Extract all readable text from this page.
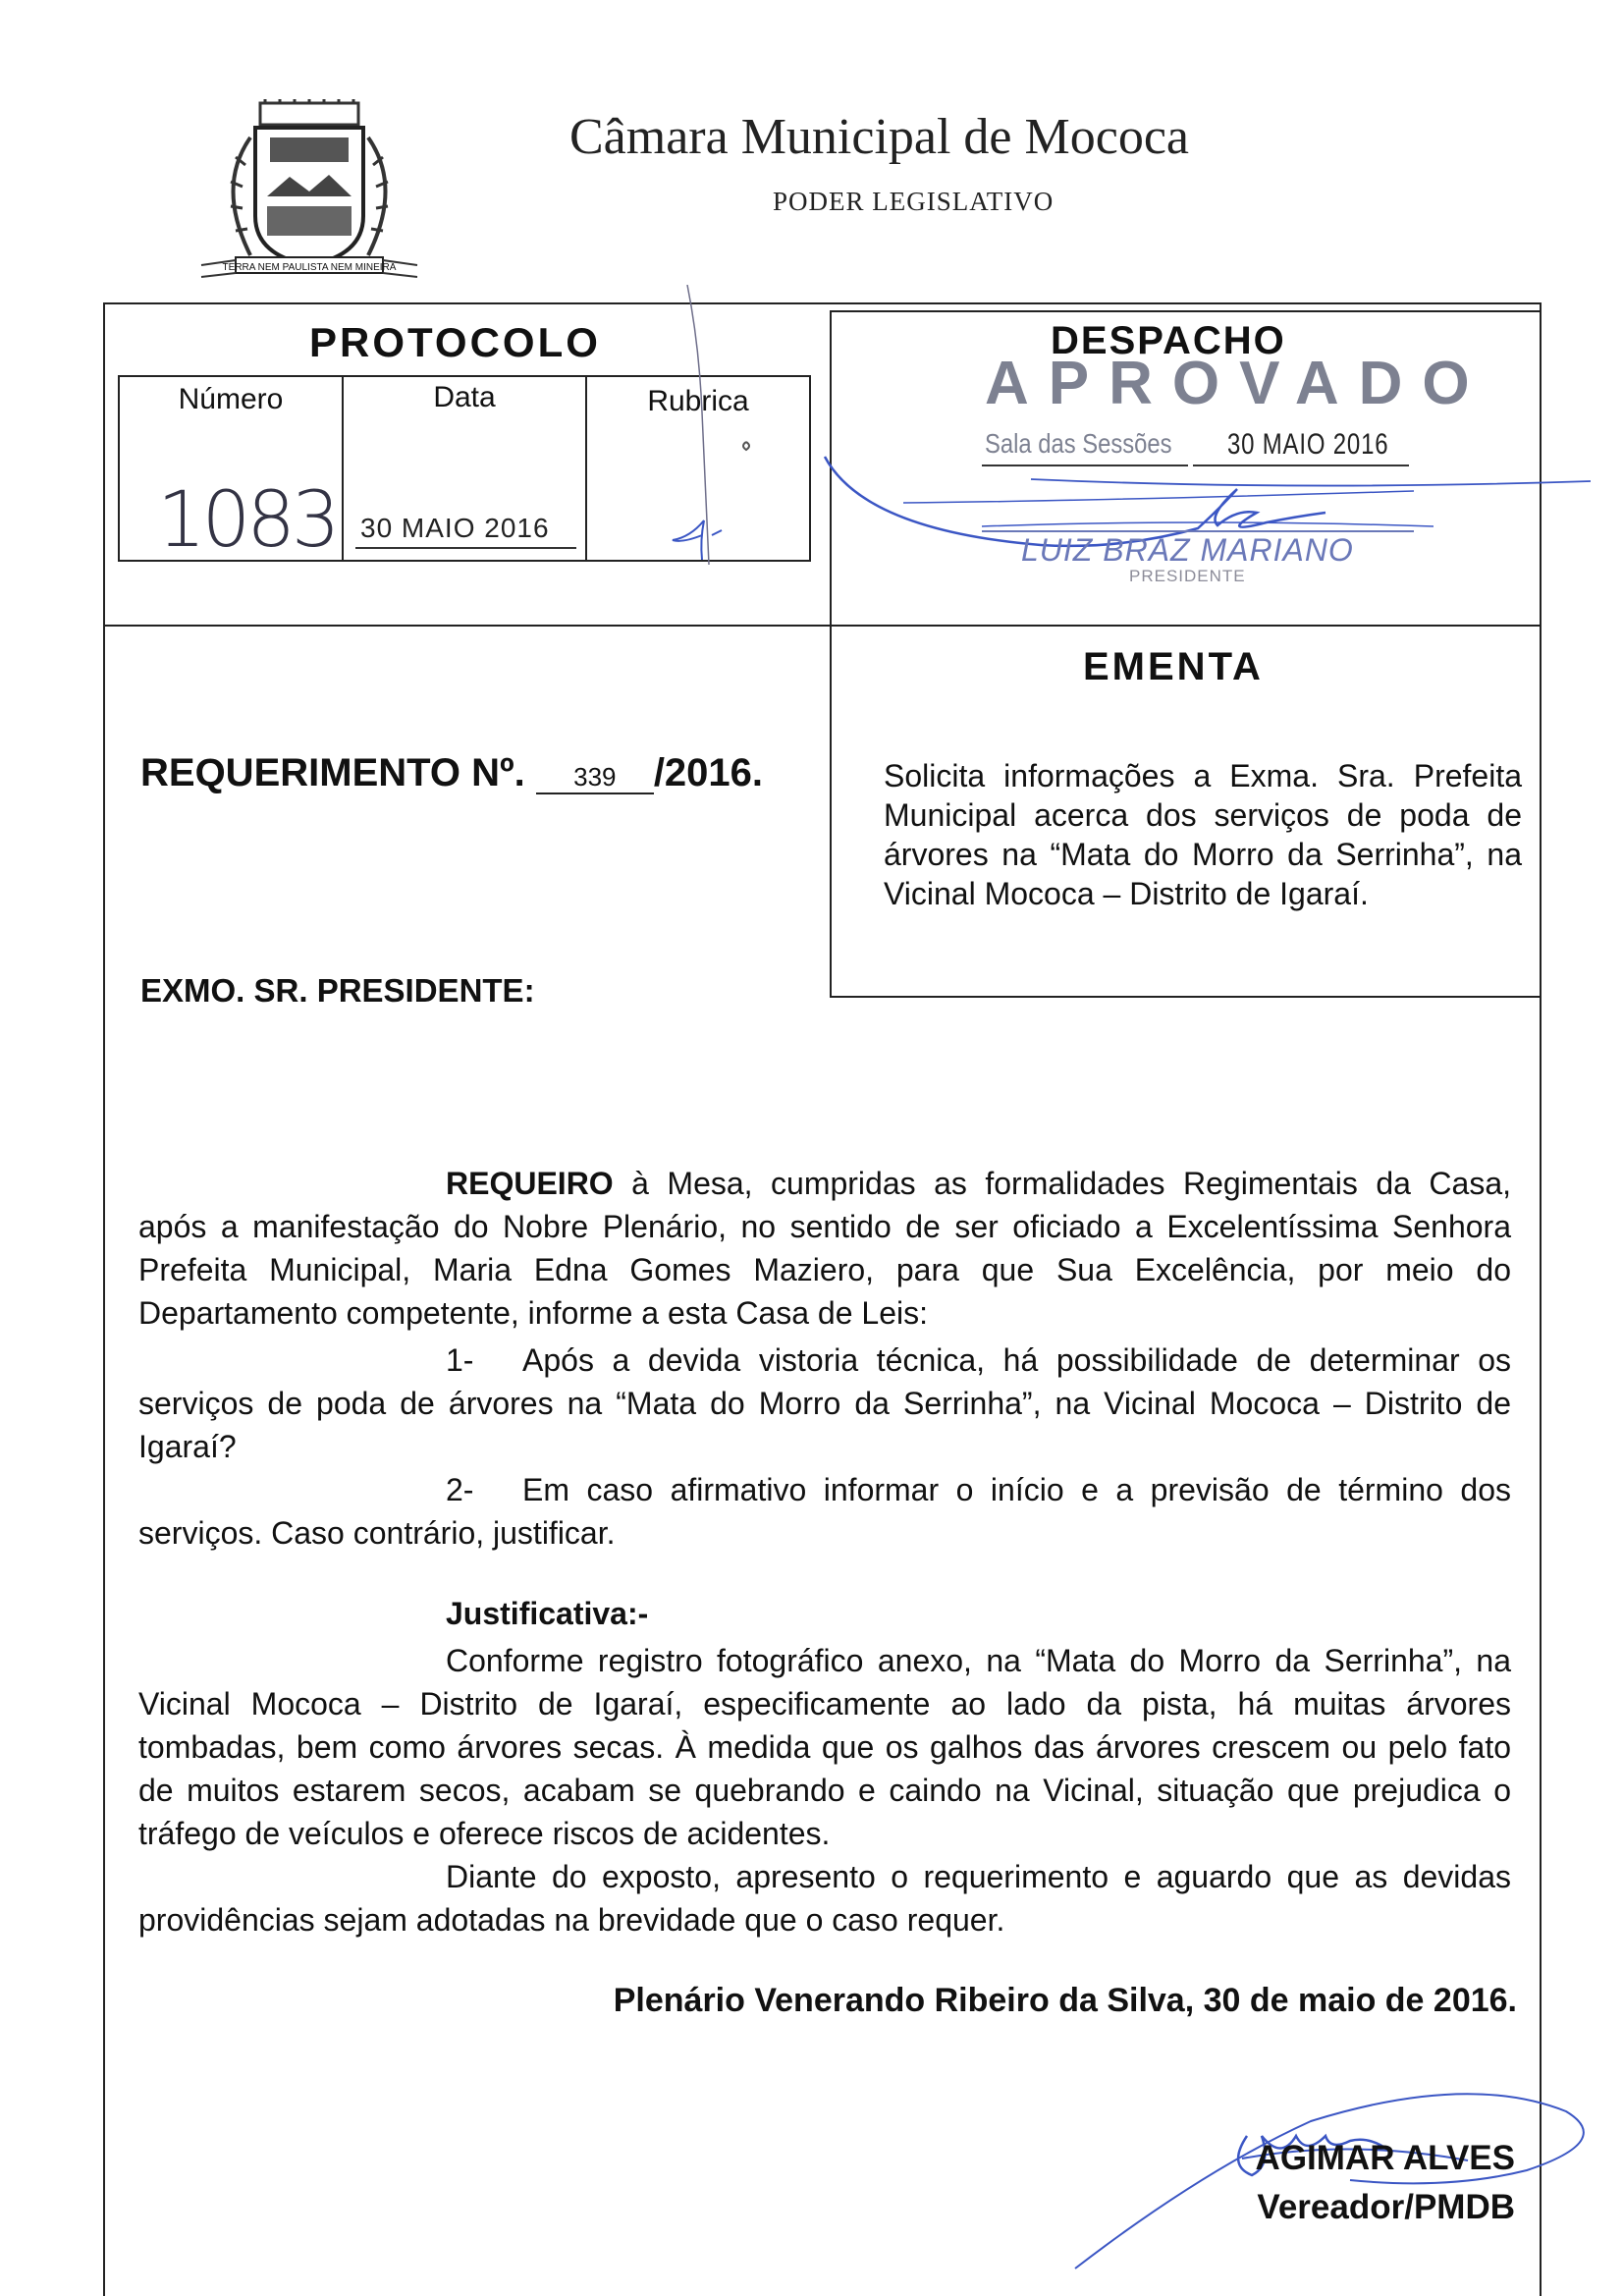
TERRA NEM PAULISTA NEM MINEIRA
Câmara Municipal de Mococa
PODER LEGISLATIVO
PROTOCOLO
Número	Data	Rubrica
1083 30 MAIO 2016
DESPACHO
APROVADO
Sala das Sessões 30 MAIO 2016
LUIZ BRAZ MARIANO
PRESIDENTE
EMENTA
Solicita informações a Exma. Sra. Prefeita Municipal acerca dos serviços de poda de árvores na “Mata do Morro da Serrinha”, na Vicinal Mococa – Distrito de Igaraí.
REQUERIMENTO Nº. 339 /2016.
EXMO. SR. PRESIDENTE:
REQUEIRO à Mesa, cumpridas as formalidades Regimentais da Casa, após a manifestação do Nobre Plenário, no sentido de ser oficiado a Excelentíssima Senhora Prefeita Municipal, Maria Edna Gomes Maziero, para que Sua Excelência, por meio do Departamento competente, informe a esta Casa de Leis:
1- Após a devida vistoria técnica, há possibilidade de determinar os serviços de poda de árvores na “Mata do Morro da Serrinha”, na Vicinal Mococa – Distrito de Igaraí?
2- Em caso afirmativo informar o início e a previsão de término dos serviços. Caso contrário, justificar.
Justificativa:-
Conforme registro fotográfico anexo, na “Mata do Morro da Serrinha”, na Vicinal Mococa – Distrito de Igaraí, especificamente ao lado da pista, há muitas árvores tombadas, bem como árvores secas. À medida que os galhos das árvores crescem ou pelo fato de muitos estarem secos, acabam se quebrando e caindo na Vicinal, situação que prejudica o tráfego de veículos e oferece riscos de acidentes.
Diante do exposto, apresento o requerimento e aguardo que as devidas providências sejam adotadas na brevidade que o caso requer.
Plenário Venerando Ribeiro da Silva, 30 de maio de 2016.
AGIMAR ALVES
Vereador/PMDB
